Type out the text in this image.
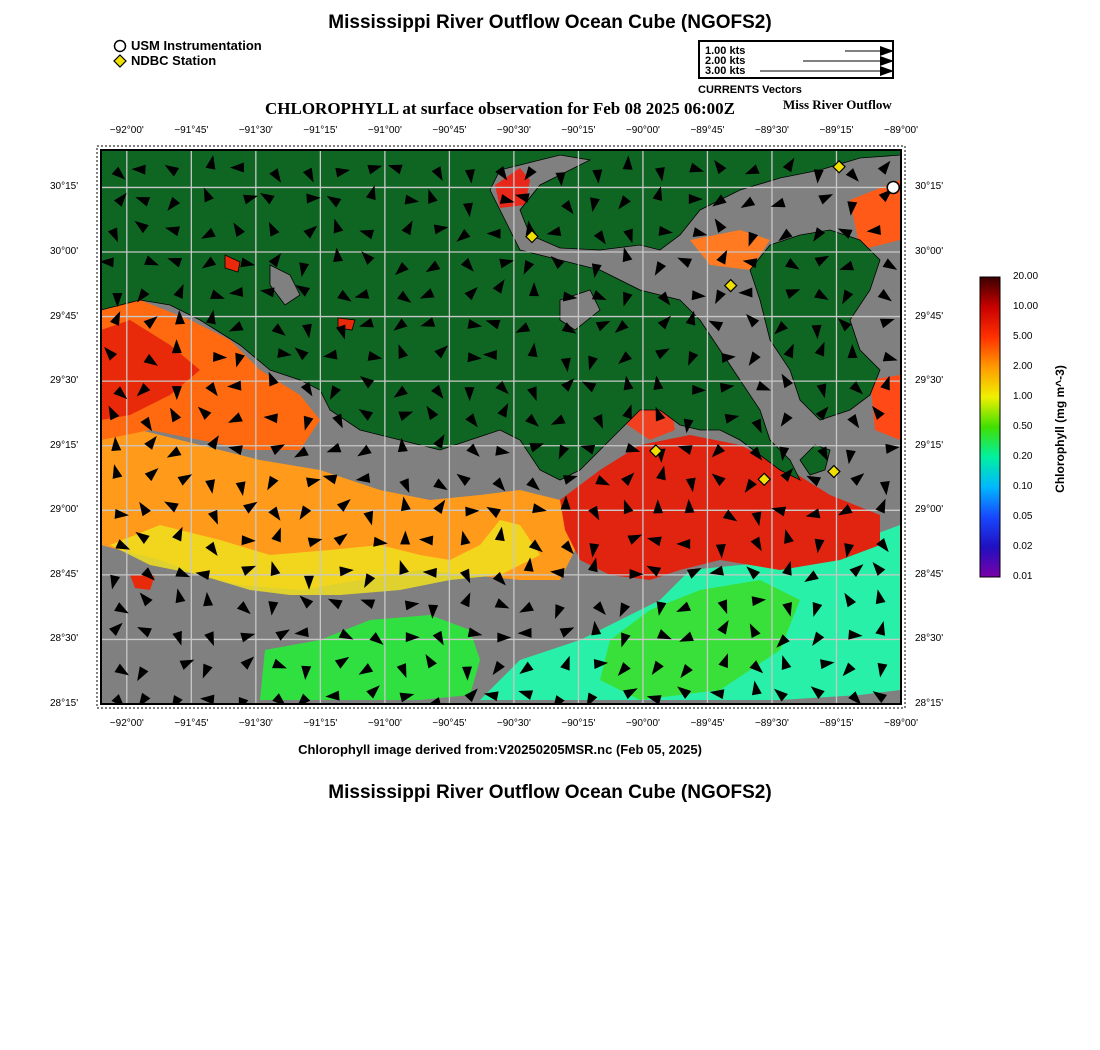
Mississippi River Outflow Ocean Cube (NGOFS2)
USM Instrumentation
NDBC Station
1.00 kts
2.00 kts
3.00 kts
CURRENTS Vectors
CHLOROPHYLL at surface observation for Feb 08 2025 06:00Z	Miss River Outflow
−92°00'	−91°45'	−91°30'	−91°15'	−91°00'	−90°45'	−90°30'	−90°15'	−90°00'	−89°45'	−89°30'	−89°15'	−89°00'
−92°00'	−91°45'	−91°30'	−91°15'	−91°00'	−90°45'	−90°30'	−90°15'	−90°00'	−89°45'	−89°30'	−89°15'	−89°00'
30°15'
30°00'
29°45'
29°30'
29°15'
29°00'
28°45'
28°30'
28°15'
30°15'
30°00'
29°45'
29°30'
29°15'
29°00'
28°45'
28°30'
28°15'
20.00
10.00
5.00
2.00
1.00
0.50
0.20
0.10
0.05
0.02
0.01
Chlorophyll (mg m^-3)
Chlorophyll image derived from:V20250205MSR.nc (Feb 05, 2025)
Mississippi River Outflow Ocean Cube (NGOFS2)
